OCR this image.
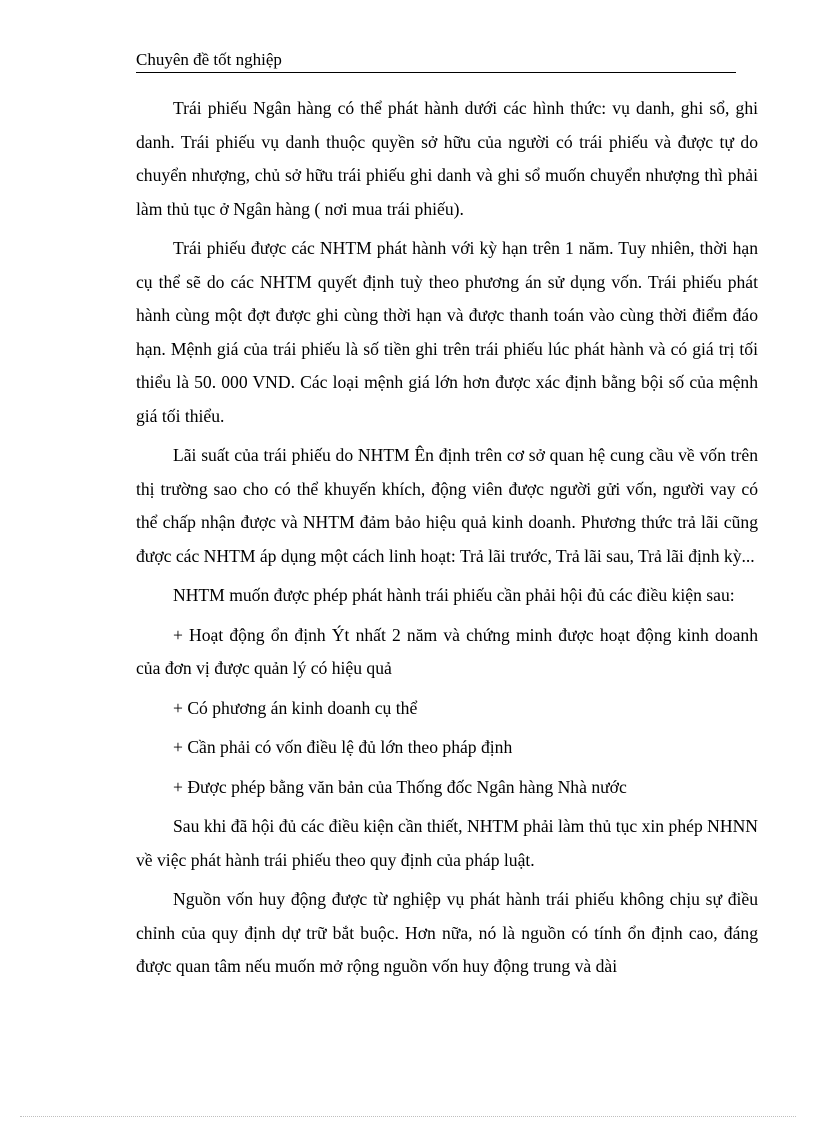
Chuyên đề tốt nghiệp

Trái phiếu Ngân hàng có thể phát hành dưới các hình thức: vụ danh, ghi sổ, ghi danh. Trái phiếu vụ danh thuộc quyền sở hữu của người có trái phiếu và được tự do chuyển nhượng, chủ sở hữu trái phiếu ghi danh và ghi sổ muốn chuyển nhượng thì phải làm thủ tục ở Ngân hàng ( nơi mua trái phiếu).

Trái phiếu được các NHTM phát hành với kỳ hạn trên 1 năm. Tuy nhiên, thời hạn cụ thể sẽ do các NHTM quyết định tuỳ theo phương án sử dụng vốn. Trái phiếu phát hành cùng một đợt được ghi cùng thời hạn và được thanh toán vào cùng thời điểm đáo hạn. Mệnh giá của trái phiếu là số tiền ghi trên trái phiếu lúc phát hành và có giá trị tối thiểu là 50. 000 VND. Các loại mệnh giá lớn hơn được xác định bằng bội số của mệnh giá tối thiểu.

Lãi suất của trái phiếu do NHTM Ên định trên cơ sở quan hệ cung cầu về vốn trên thị trường sao cho có thể khuyến khích, động viên được người gửi vốn, người vay có thể chấp nhận được và NHTM đảm bảo hiệu quả kinh doanh. Phương thức trả lãi cũng được các NHTM áp dụng một cách linh hoạt: Trả lãi trước, Trả lãi sau, Trả lãi định kỳ...

NHTM muốn được phép phát hành trái phiếu cần phải hội đủ các điều kiện sau:

+ Hoạt động ổn định Ýt nhất 2 năm và chứng minh được hoạt động kinh doanh của đơn vị được quản lý có hiệu quả

+ Có phương án kinh doanh cụ thể

+ Cần phải có vốn điều lệ đủ lớn theo pháp định

+ Được phép bằng văn bản của Thống đốc Ngân hàng Nhà nước

Sau khi đã hội đủ các điều kiện cần thiết, NHTM phải làm thủ tục xin phép NHNN về việc phát hành trái phiếu theo quy định của pháp luật.

Nguồn vốn huy động được từ nghiệp vụ phát hành trái phiếu không chịu sự điều chỉnh của quy định dự trữ bắt buộc. Hơn nữa, nó là nguồn có tính ổn định cao, đáng được quan tâm nếu muốn mở rộng nguồn vốn huy động trung và dài
